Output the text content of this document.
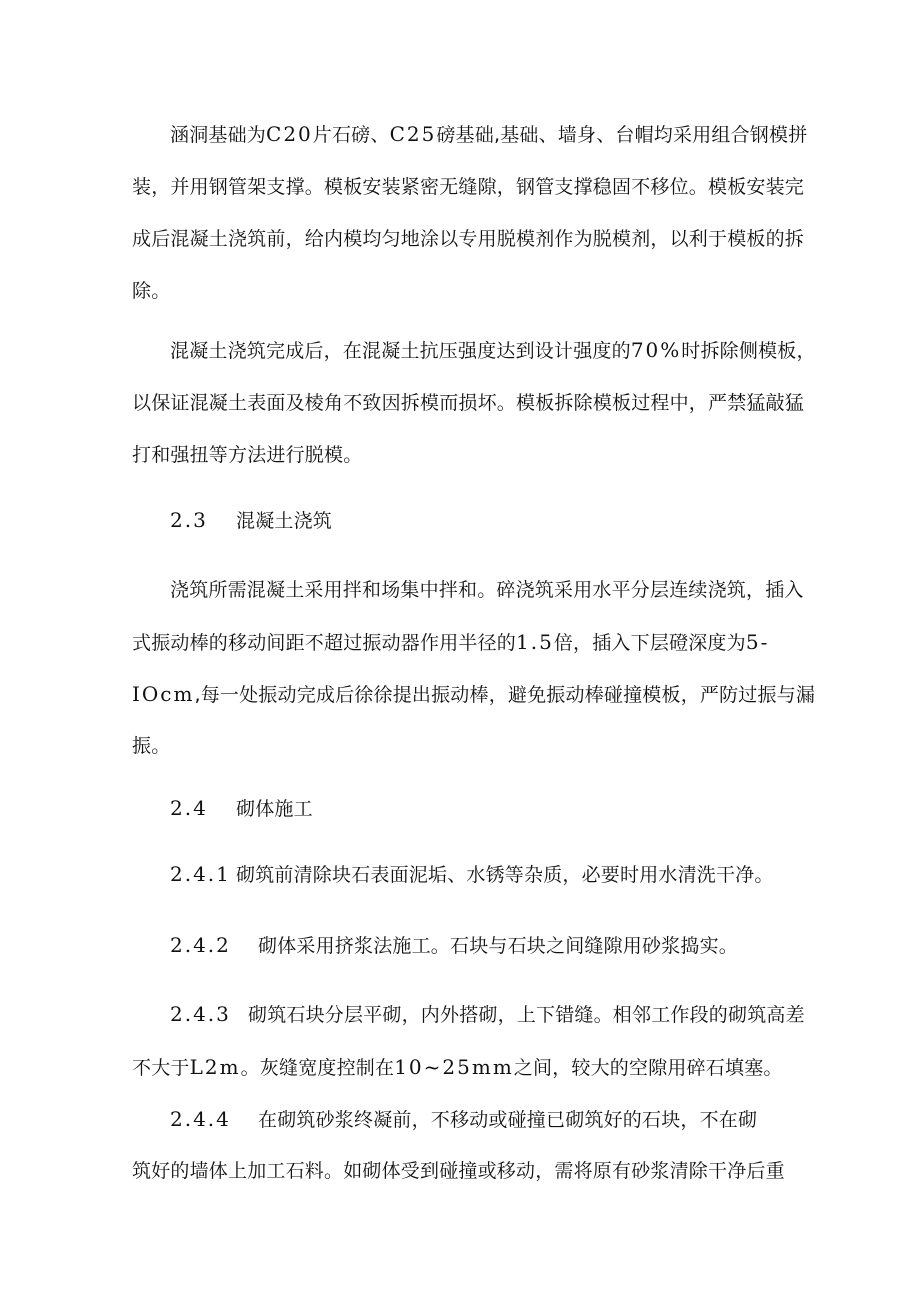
涵洞基础为C20片石磅、C25磅基础,基础、墙身、台帽均采用组合钢模拼
装，并用钢管架支撑。模板安装紧密无缝隙，钢管支撑稳固不移位。模板安装完
成后混凝土浇筑前，给内模均匀地涂以专用脱模剂作为脱模剂，以利于模板的拆
除。
混凝土浇筑完成后，在混凝土抗压强度达到设计强度的70%时拆除侧模板，
以保证混凝土表面及棱角不致因拆模而损坏。模板拆除模板过程中，严禁猛敲猛
打和强扭等方法进行脱模。
2.3 混凝土浇筑
浇筑所需混凝土采用拌和场集中拌和。碎浇筑采用水平分层连续浇筑，插入
式振动棒的移动间距不超过振动器作用半径的1.5倍，插入下层磴深度为5-
IOcm,每一处振动完成后徐徐提出振动棒，避免振动棒碰撞模板，严防过振与漏
振。
2.4 砌体施工
2.4.1 砌筑前清除块石表面泥垢、水锈等杂质，必要时用水清洗干净。
2.4.2 砌体采用挤浆法施工。石块与石块之间缝隙用砂浆捣实。
2.4.3 砌筑石块分层平砌，内外搭砌，上下错缝。相邻工作段的砌筑高差
不大于L2m。灰缝宽度控制在10~25mm之间，较大的空隙用碎石填塞。
2.4.4 在砌筑砂浆终凝前，不移动或碰撞已砌筑好的石块，不在砌
筑好的墙体上加工石料。如砌体受到碰撞或移动，需将原有砂浆清除干净后重
